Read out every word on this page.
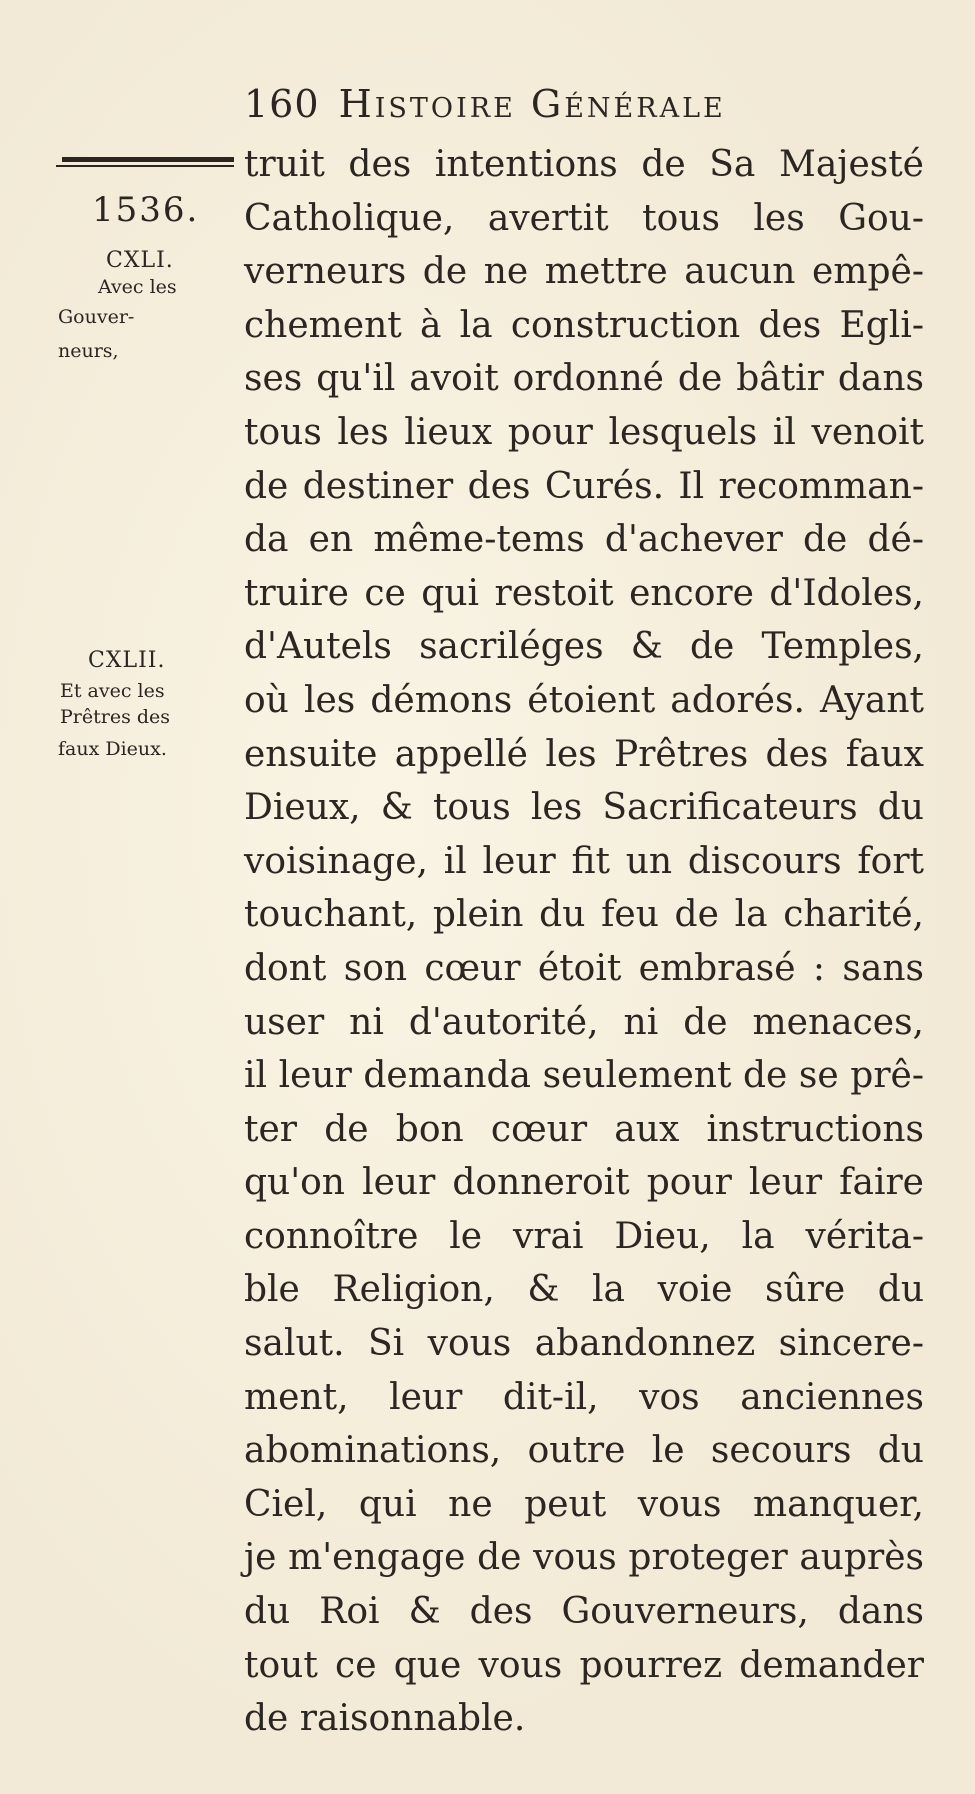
160 Histoire Générale
1536.
CXLI.
Avec les
Gouver-
neurs,
CXLII.
Et avec les
Prêtres des
faux Dieux.
truit des intentions de Sa Majesté
Catholique, avertit tous les Gou-
verneurs de ne mettre aucun empê-
chement à la construction des Egli-
ses qu'il avoit ordonné de bâtir dans
tous les lieux pour lesquels il venoit
de destiner des Curés. Il recomman-
da en même-tems d'achever de dé-
truire ce qui restoit encore d'Idoles,
d'Autels sacriléges & de Temples,
où les démons étoient adorés. Ayant
ensuite appellé les Prêtres des faux
Dieux, & tous les Sacrificateurs du
voisinage, il leur fit un discours fort
touchant, plein du feu de la charité,
dont son cœur étoit embrasé : sans
user ni d'autorité, ni de menaces,
il leur demanda seulement de se prê-
ter de bon cœur aux instructions
qu'on leur donneroit pour leur faire
connoître le vrai Dieu, la vérita-
ble Religion, & la voie sûre du
salut. Si vous abandonnez sincere-
ment, leur dit-il, vos anciennes
abominations, outre le secours du
Ciel, qui ne peut vous manquer,
je m'engage de vous proteger auprès
du Roi & des Gouverneurs, dans
tout ce que vous pourrez demander
de raisonnable.
